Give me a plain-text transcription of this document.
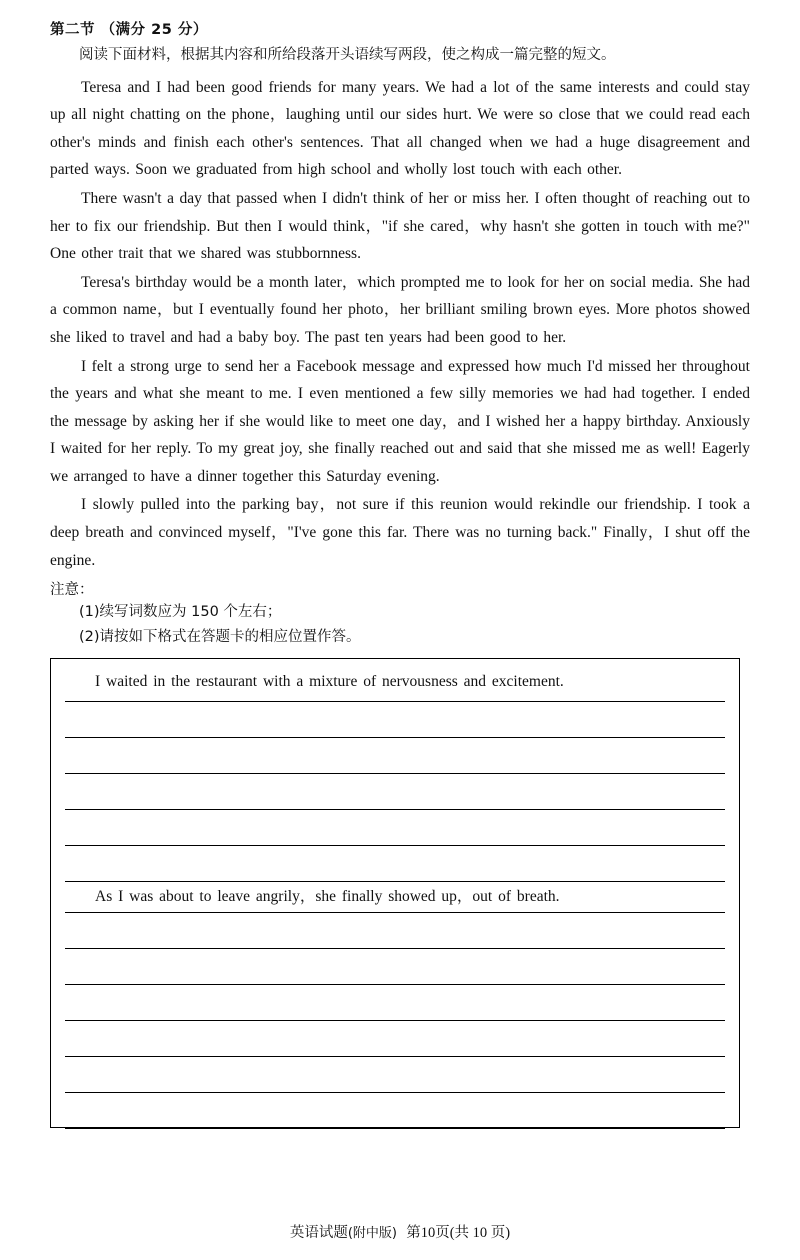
第二节 （满分 25 分）
阅读下面材料，根据其内容和所给段落开头语续写两段，使之构成一篇完整的短文。

Teresa and I had been good friends for many years. We had a lot of the same interests and could stay up all night chatting on the phone，laughing until our sides hurt. We were so close that we could read each other's minds and finish each other's sentences. That all changed when we had a huge disagreement and parted ways. Soon we graduated from high school and wholly lost touch with each other.

There wasn't a day that passed when I didn't think of her or miss her. I often thought of reaching out to her to fix our friendship. But then I would think，"if she cared，why hasn't she gotten in touch with me?" One other trait that we shared was stubbornness.

Teresa's birthday would be a month later，which prompted me to look for her on social media. She had a common name，but I eventually found her photo，her brilliant smiling brown eyes. More photos showed she liked to travel and had a baby boy. The past ten years had been good to her.

I felt a strong urge to send her a Facebook message and expressed how much I'd missed her throughout the years and what she meant to me. I even mentioned a few silly memories we had had together. I ended the message by asking her if she would like to meet one day，and I wished her a happy birthday. Anxiously I waited for her reply. To my great joy, she finally reached out and said that she missed me as well! Eagerly we arranged to have a dinner together this Saturday evening.

I slowly pulled into the parking bay，not sure if this reunion would rekindle our friendship. I took a deep breath and convinced myself，"I've gone this far. There was no turning back." Finally，I shut off the engine.

注意：
(1)续写词数应为 150 个左右；
(2)请按如下格式在答题卡的相应位置作答。
I waited in the restaurant with a mixture of nervousness and excitement.
As I was about to leave angrily，she finally showed up，out of breath.
英语试题(附中版) 第10页(共 10 页)
